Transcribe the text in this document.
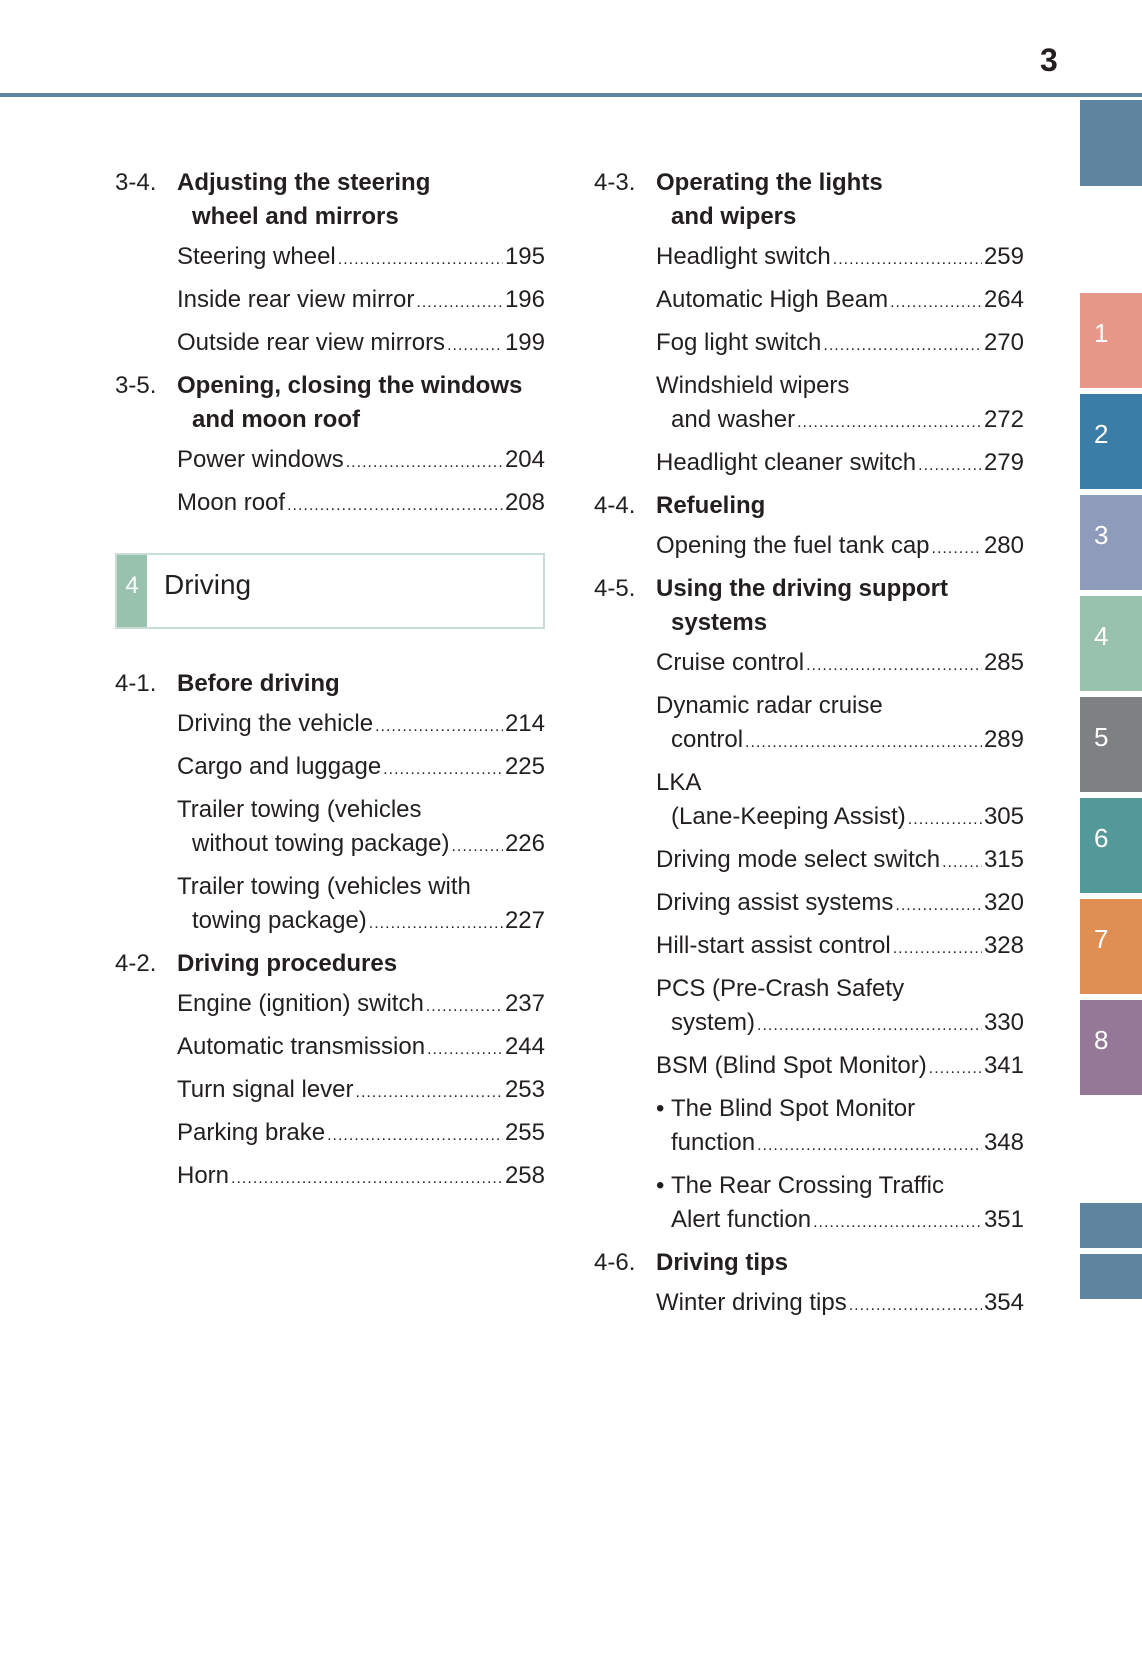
3
1
2
3
4
5
6
7
8
3-4. Adjusting the steering
wheel and mirrors
Steering wheel .....	195
Inside rear view mirror .....	196
Outside rear view mirrors ..... 199
3-5. Opening, closing the windows
and moon roof
Power windows .....	204
Moon roof .....	208
4 Driving
4-1. Before driving
Driving the vehicle .....	214
Cargo and luggage .....	225
Trailer towing (vehicles
without towing package) ..... 226
Trailer towing (vehicles with
towing package) .....	227
4-2. Driving procedures
Engine (ignition) switch .....	237
Automatic transmission .....	244
Turn signal lever .....	253
Parking brake .....	255
Horn .....	258
4-3. Operating the lights
and wipers
Headlight switch .....	259
Automatic High Beam .....	264
Fog light switch .....	270
Windshield wipers
and washer .....	272
Headlight cleaner switch .....	279
4-4. Refueling
Opening the fuel tank cap ..... 280
4-5. Using the driving support
systems
Cruise control .....	285
Dynamic radar cruise
control .....	289
LKA
(Lane-Keeping Assist) .....	305
Driving mode select switch ..... 315
Driving assist systems .....	320
Hill-start assist control .....	328
PCS (Pre-Crash Safety
system) .....	330
BSM (Blind Spot Monitor) ..... 341
• The Blind Spot Monitor
function .....	348
• The Rear Crossing Traffic
Alert function .....	351
4-6. Driving tips
Winter driving tips .....	354
